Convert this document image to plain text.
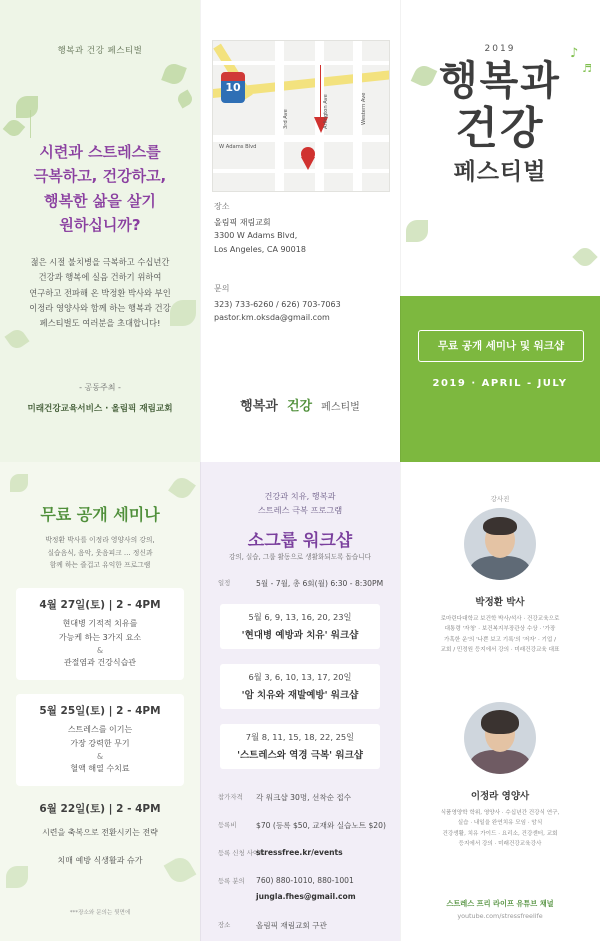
행복과 건강 페스티벌
시련과 스트레스를
극복하고, 건강하고,
행복한 삶을 살기
원하십니까?
젊은 시절 불치병을 극복하고 수십년간
건강과 행복에 실음 건하기 위하여
연구하고 전파해 온 박정환 박사와 부인
이정라 영양사와 함께 하는 행복과 건강
페스티벌도 여러분을 초대합니다!
- 공동주최 -
미래건강교육서비스 · 올림픽 재림교회
10
W Adams Blvd
3rd Ave	Arlington Ave	Western Ave
장소
올림픽 재림교회
3300 W Adams Blvd,
Los Angeles, CA 90018
문의
323) 733-6260 / 626) 703-7063
pastor.km.oksda@gmail.com
행복과 건강 페스티벌
♪
♬
2019
행복과
건강
페스티벌
무료 공개 세미나 및 워크샵
2019 · APRIL - JULY
무료 공개 세미나
박정환 박사를 이정라 영양사의 강의,
실습음식, 음악, 웃음피크 … 정신과
함께 하는 즐겁고 유익한 프로그램
4월 27일(토) | 2 - 4PM
현대병 기적적 치유를
가능케 하는 3가지 요소
&
관절염과 건강식습관
5월 25일(토) | 2 - 4PM
스트레스를 이기는
가장 강력한 무기
&
혈액 해열 수치료
6월 22일(토) | 2 - 4PM
시련을 축복으로 전환시키는 전략
치매 예방 식생활과 슈가
***장소와 문의는 뒷면에
건강과 치유, 행복과
스트레스 극복 프로그램
소그룹 워크샵
강의, 실습, 그룹 활동으로 생활화되도록 돕습니다
일정	5월 - 7월, 총 6회(월) 6:30 - 8:30PM
5월 6, 9, 13, 16, 20, 23일
'현대병 예방과 치유' 워크샵
6월 3, 6, 10, 13, 17, 20일
'암 치유와 재발예방' 워크샵
7월 8, 11, 15, 18, 22, 25일
'스트레스와 역경 극복' 워크샵
참가자격 각 워크샵 30명, 선착순 접수
등록비	$70 (등록 $50, 교재와 실습노트 $20)
등록 신청 사이트
stressfree.kr/events
등록 분의 760) 880-1010, 880-1001
jungla.fhes@gmail.com
장소	올림픽 재림교회 구관
강사진
박정환 박사
로마린다대학교 보건학 박사/석사 · 건강교육으로
대통령 '자청' · 보건복지부장관상 수상 · '가장
가혹한 운'의 '나쁜 보고 기록'의 '저자' · 기업 /
교회 / 민정원 등지에서 강의 · 미래건강교육 대표
이정라 영양사
식품영양학 학위, 영양사 · 수십년간 건강식 연구,
실습 · 내일을 완연치유 모임 · 암식
건강생활, 치유 가이드 · 요리소, 건강센터, 교회
등지에서 강의 · 미래건강교육강사
스트레스 프리 라이프 유튜브 채널
youtube.com/stressfreelife
